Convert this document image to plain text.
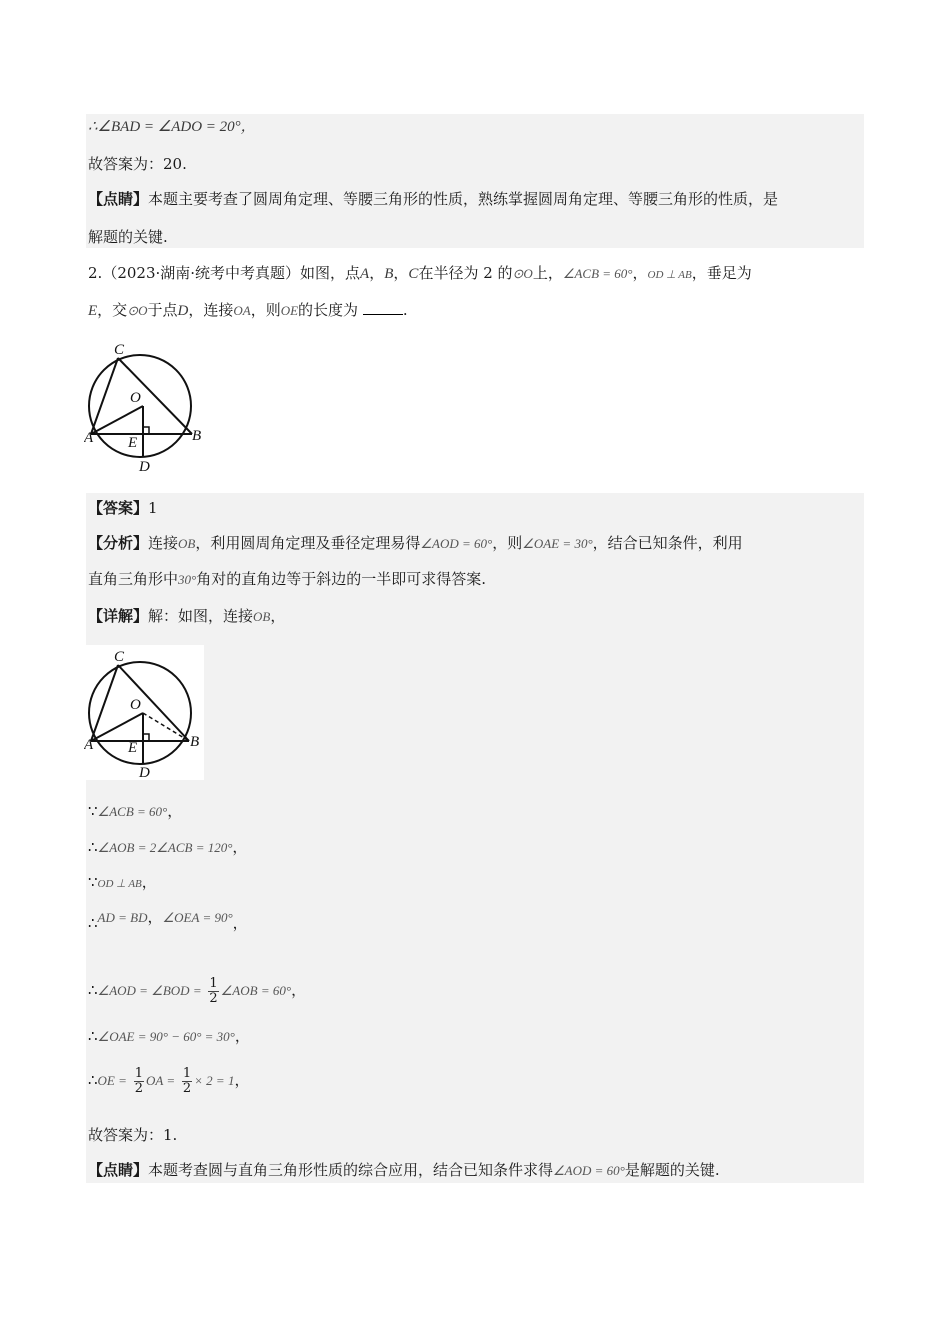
∴∠BAD = ∠ADO = 20°，
故答案为：20.
【点睛】本题主要考查了圆周角定理、等腰三角形的性质，熟练掌握圆周角定理、等腰三角形的性质，是
解题的关键.
2.（2023·湖南·统考中考真题）如图，点A，B，C在半径为 2 的⊙O上，∠ACB = 60°，OD ⊥ AB，垂足为
E，交⊙O于点D，连接OA，则OE的长度为	.
C
O
A E	B
D
【答案】1
【分析】连接OB，利用圆周角定理及垂径定理易得∠AOD = 60°，则∠OAE = 30°，结合已知条件，利用
直角三角形中30°角对的直角边等于斜边的一半即可求得答案.
【详解】解：如图，连接OB，
C
O
A E	B
D
∵∠ACB = 60°，
∴∠AOB = 2∠ACB = 120°，
∵OD ⊥ AB，
∴AD = BD，∠OEA = 90°，
∴∠AOD = ∠BOD = $\frac{1}{2}$ ∠AOB = 60°，
∴∠OAE = 90° − 60° = 30°，
∴OE = $\frac{1}{2}$ OA = $\frac{1}{2} \times 2 = 1$，
故答案为：1.
【点睛】本题考查圆与直角三角形性质的综合应用，结合已知条件求得∠AOD = 60°是解题的关键.
